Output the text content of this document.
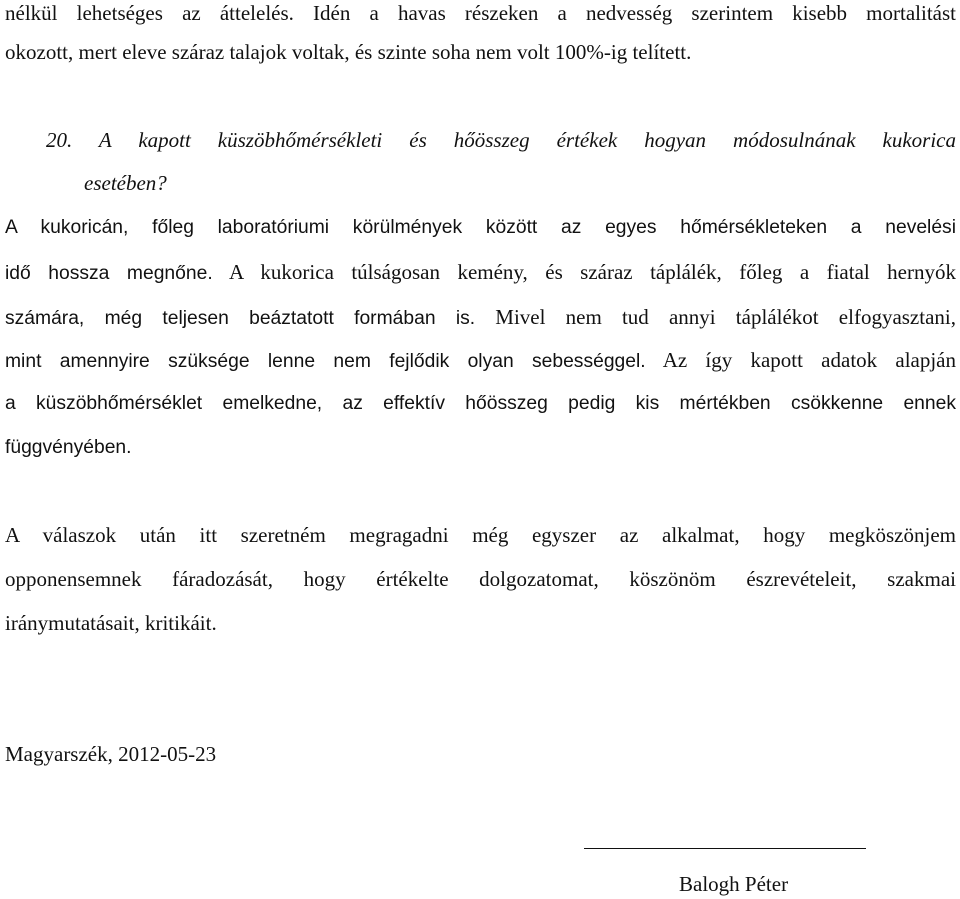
nélkül lehetséges az áttelelés. Idén a havas részeken a nedvesség szerintem kisebb mortalitást
okozott, mert eleve száraz talajok voltak, és szinte soha nem volt 100%-ig telített.
20. A kapott küszöbhőmérsékleti és hőösszeg értékek hogyan módosulnának kukorica
esetében?
A kukoricán, főleg laboratóriumi körülmények között az egyes hőmérsékleteken a nevelési
idő hossza megnőne. A kukorica túlságosan kemény, és száraz táplálék, főleg a fiatal hernyók
számára, még teljesen beáztatott formában is. Mivel nem tud annyi táplálékot elfogyasztani,
mint amennyire szüksége lenne nem fejlődik olyan sebességgel. Az így kapott adatok alapján
a küszöbhőmérséklet emelkedne, az effektív hőösszeg pedig kis mértékben csökkenne ennek
függvényében.
A válaszok után itt szeretném megragadni még egyszer az alkalmat, hogy megköszönjem
opponensemnek fáradozását, hogy értékelte dolgozatomat, köszönöm észrevételeit, szakmai
iránymutatásait, kritikáit.
Magyarszék, 2012-05-23
Balogh Péter
